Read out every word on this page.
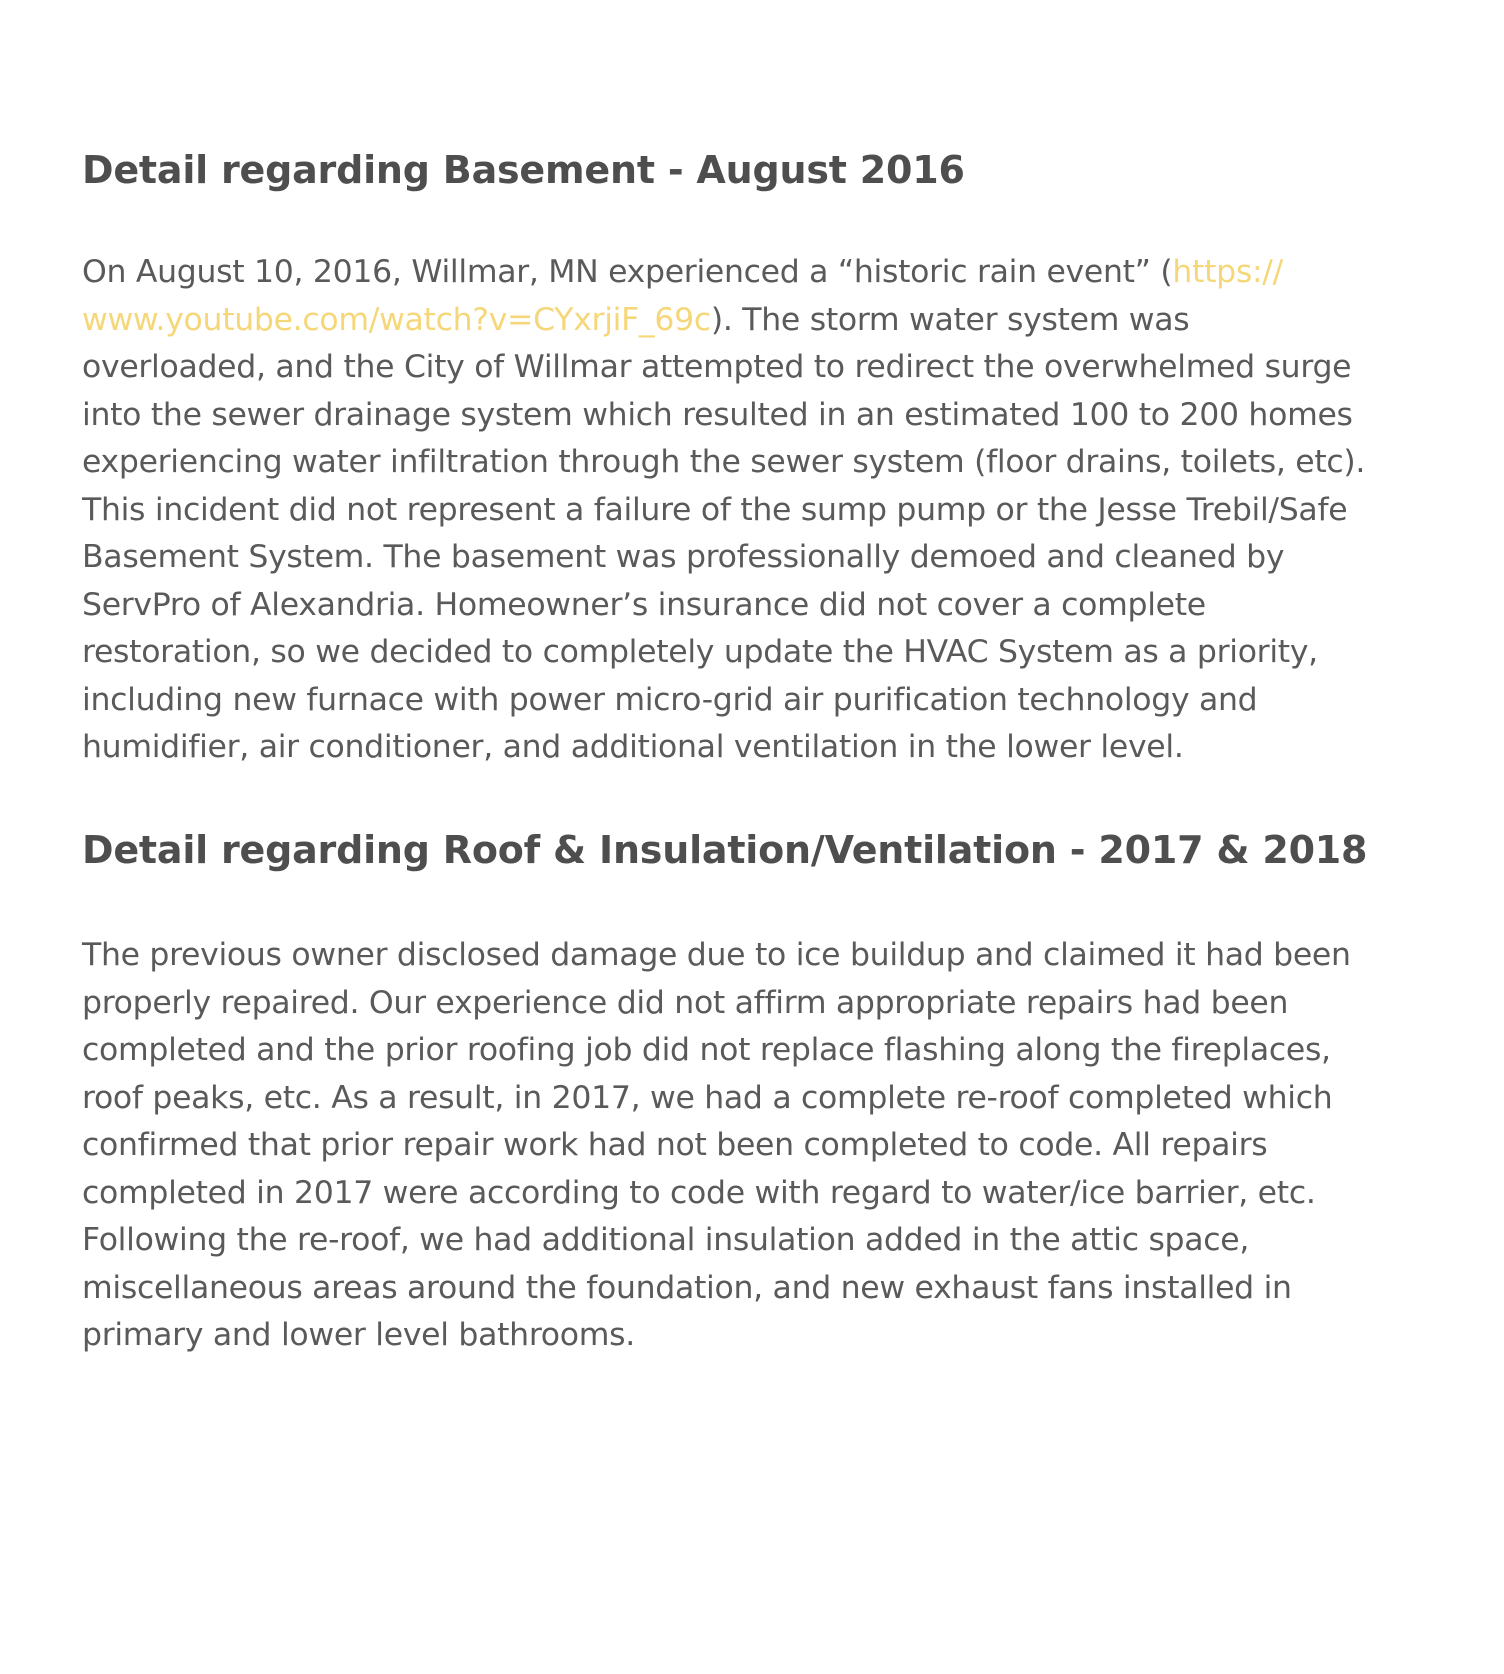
Detail regarding Basement - August 2016
On August 10, 2016, Willmar, MN experienced a “historic rain event” (https://
www.youtube.com/watch?v=CYxrjiF_69c). The storm water system was
overloaded, and the City of Willmar attempted to redirect the overwhelmed surge
into the sewer drainage system which resulted in an estimated 100 to 200 homes
experiencing water infiltration through the sewer system (floor drains, toilets, etc).
This incident did not represent a failure of the sump pump or the Jesse Trebil/Safe
Basement System. The basement was professionally demoed and cleaned by
ServPro of Alexandria. Homeowner’s insurance did not cover a complete
restoration, so we decided to completely update the HVAC System as a priority,
including new furnace with power micro-grid air purification technology and
humidifier, air conditioner, and additional ventilation in the lower level.
Detail regarding Roof & Insulation/Ventilation - 2017 & 2018
The previous owner disclosed damage due to ice buildup and claimed it had been
properly repaired. Our experience did not affirm appropriate repairs had been
completed and the prior roofing job did not replace flashing along the fireplaces,
roof peaks, etc. As a result, in 2017, we had a complete re-roof completed which
confirmed that prior repair work had not been completed to code. All repairs
completed in 2017 were according to code with regard to water/ice barrier, etc.
Following the re-roof, we had additional insulation added in the attic space,
miscellaneous areas around the foundation, and new exhaust fans installed in
primary and lower level bathrooms.
